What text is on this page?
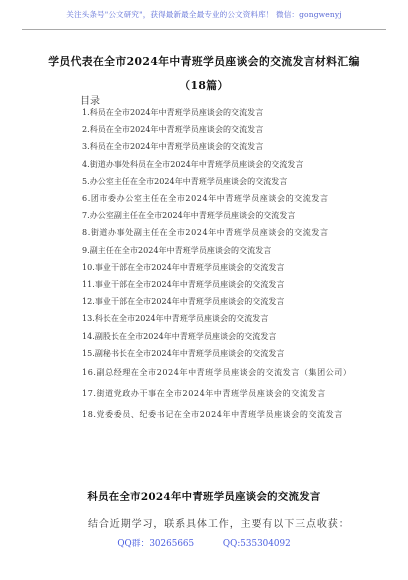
关注头条号"公文研究"，获得最新最全最专业的公文资料库！ 微信：gongwenyj
学员代表在全市2024年中青班学员座谈会的交流发言材料汇编（18篇）
目录
1.科员在全市2024年中青班学员座谈会的交流发言
2.科员在全市2024年中青班学员座谈会的交流发言
3.科员在全市2024年中青班学员座谈会的交流发言
4.街道办事处科员在全市2024年中青班学员座谈会的交流发言
5.办公室主任在全市2024年中青班学员座谈会的交流发言
6.团市委办公室主任在全市2024年中青班学员座谈会的交流发言
7.办公室副主任在全市2024年中青班学员座谈会的交流发言
8.街道办事处副主任在全市2024年中青班学员座谈会的交流发言
9.副主任在全市2024年中青班学员座谈会的交流发言
10.事业干部在全市2024年中青班学员座谈会的交流发言
11.事业干部在全市2024年中青班学员座谈会的交流发言
12.事业干部在全市2024年中青班学员座谈会的交流发言
13.科长在全市2024年中青班学员座谈会的交流发言
14.副股长在全市2024年中青班学员座谈会的交流发言
15.副秘书长在全市2024年中青班学员座谈会的交流发言
16.副总经理在全市2024年中青班学员座谈会的交流发言（集团公司）
17.街道党政办干事在全市2024年中青班学员座谈会的交流发言
18.党委委员、纪委书记在全市2024年中青班学员座谈会的交流发言
科员在全市2024年中青班学员座谈会的交流发言
结合近期学习，联系具体工作，主要有以下三点收获：
QQ群：30265665	QQ:535304092
